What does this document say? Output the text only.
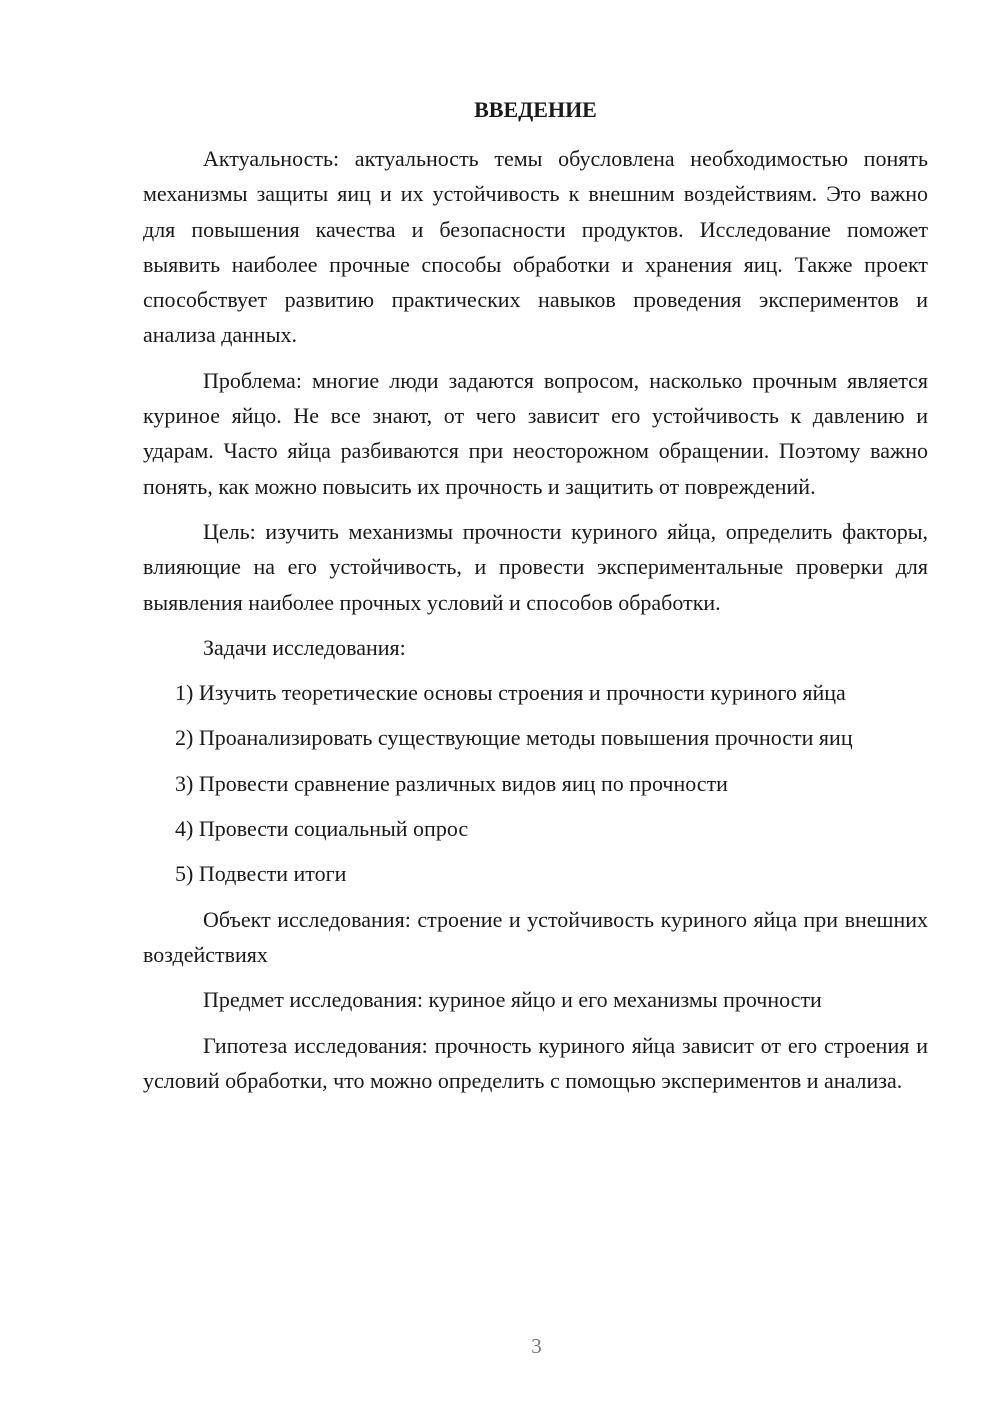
ВВЕДЕНИЕ

Актуальность: актуальность темы обусловлена необходимостью понять механизмы защиты яиц и их устойчивость к внешним воздействиям. Это важно для повышения качества и безопасности продуктов. Исследование поможет выявить наиболее прочные способы обработки и хранения яиц. Также проект способствует развитию практических навыков проведения экспериментов и анализа данных.

Проблема: многие люди задаются вопросом, насколько прочным является куриное яйцо. Не все знают, от чего зависит его устойчивость к давлению и ударам. Часто яйца разбиваются при неосторожном обращении. Поэтому важно понять, как можно повысить их прочность и защитить от повреждений.

Цель: изучить механизмы прочности куриного яйца, определить факторы, влияющие на его устойчивость, и провести экспериментальные проверки для выявления наиболее прочных условий и способов обработки.

Задачи исследования:

1) Изучить теоретические основы строения и прочности куриного яйца

2) Проанализировать существующие методы повышения прочности яиц

3) Провести сравнение различных видов яиц по прочности

4) Провести социальный опрос

5) Подвести итоги

Объект исследования: строение и устойчивость куриного яйца при внешних воздействиях

Предмет исследования: куриное яйцо и его механизмы прочности

Гипотеза исследования: прочность куриного яйца зависит от его строения и условий обработки, что можно определить с помощью экспериментов и анализа.

3
